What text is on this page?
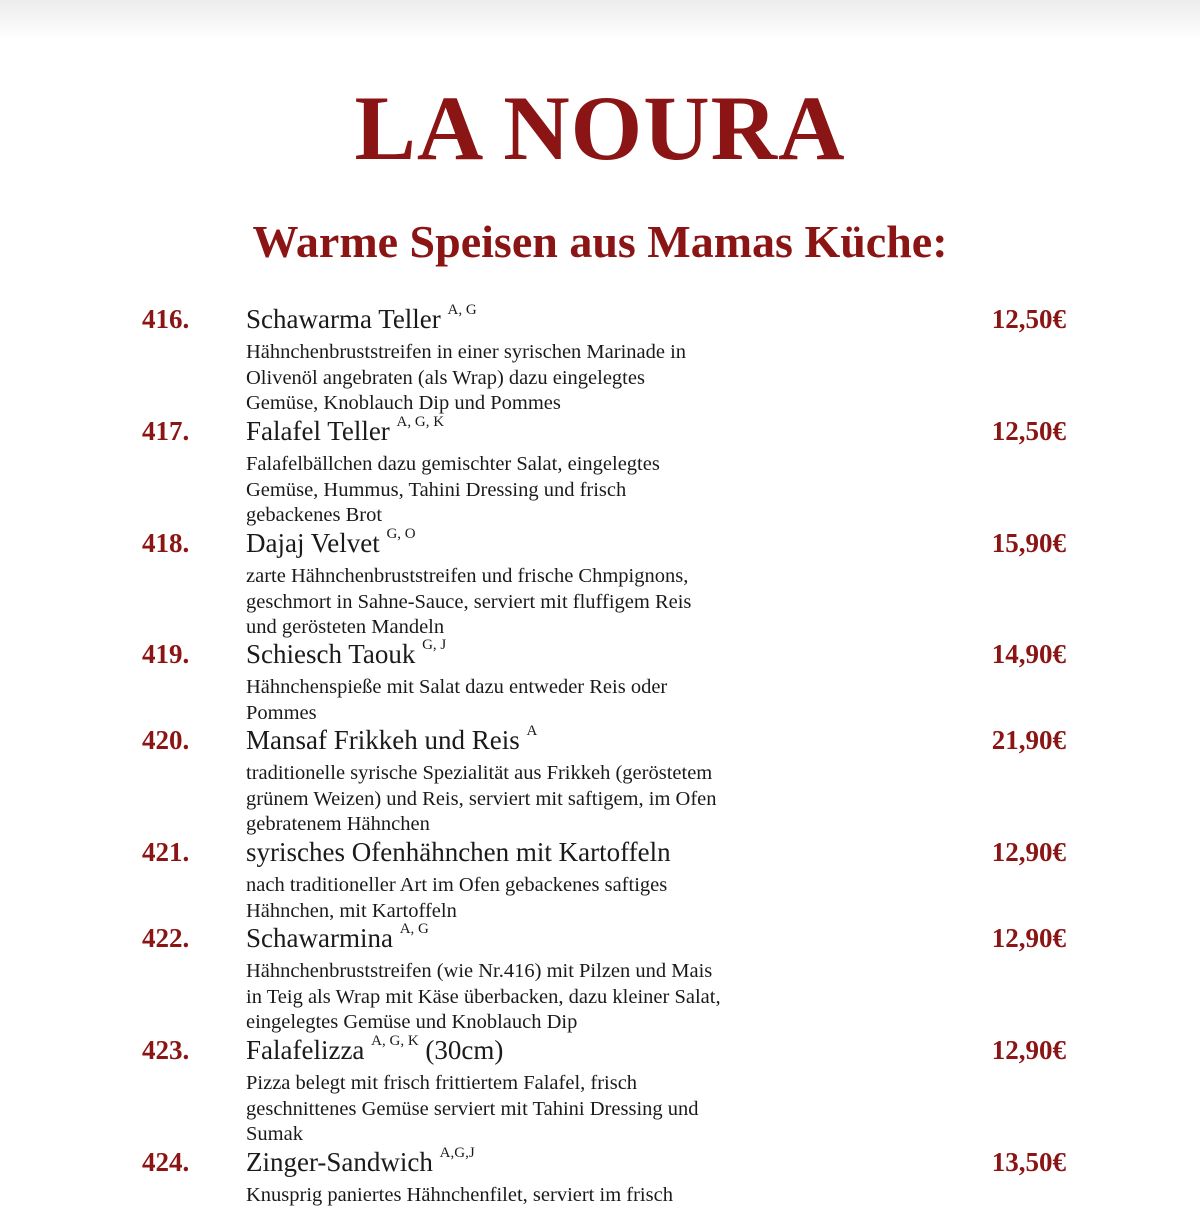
LA NOURA
Warme Speisen aus Mamas Küche:
416. Schawarma Teller $^{A, G}$
Hähnchenbruststreifen in einer syrischen Marinade in
Olivenöl angebraten (als Wrap) dazu eingelegtes
Gemüse, Knoblauch Dip und Pommes
12,50€
417. Falafel Teller $^{A, G, K}$
Falafelbällchen dazu gemischter Salat, eingelegtes
Gemüse, Hummus, Tahini Dressing und frisch
gebackenes Brot
12,50€
418. Dajaj Velvet $^{G, O}$
zarte Hähnchenbruststreifen und frische Chmpignons,
geschmort in Sahne-Sauce, serviert mit fluffigem Reis
und gerösteten Mandeln
15,90€
419. Schiesch Taouk $^{G, J}$
Hähnchenspieße mit Salat dazu entweder Reis oder
Pommes
14,90€
420. Mansaf Frikkeh und Reis $^A$
traditionelle syrische Spezialität aus Frikkeh (geröstetem
grünem Weizen) und Reis, serviert mit saftigem, im Ofen
gebratenem Hähnchen
21,90€
421. syrisches Ofenhähnchen mit Kartoffeln
nach traditioneller Art im Ofen gebackenes saftiges
Hähnchen, mit Kartoffeln
12,90€
422. Schawarmina $^{A, G}$
Hähnchenbruststreifen (wie Nr.416) mit Pilzen und Mais
in Teig als Wrap mit Käse überbacken, dazu kleiner Salat,
eingelegtes Gemüse und Knoblauch Dip
12,90€
423. Falafelizza $^{A, G, K}$ (30cm)
Pizza belegt mit frisch frittiertem Falafel, frisch
geschnittenes Gemüse serviert mit Tahini Dressing und
Sumak
12,90€
424. Zinger-Sandwich $^{A,G,J}$
Knusprig paniertes Hähnchenfilet, serviert im frisch
13,50€
